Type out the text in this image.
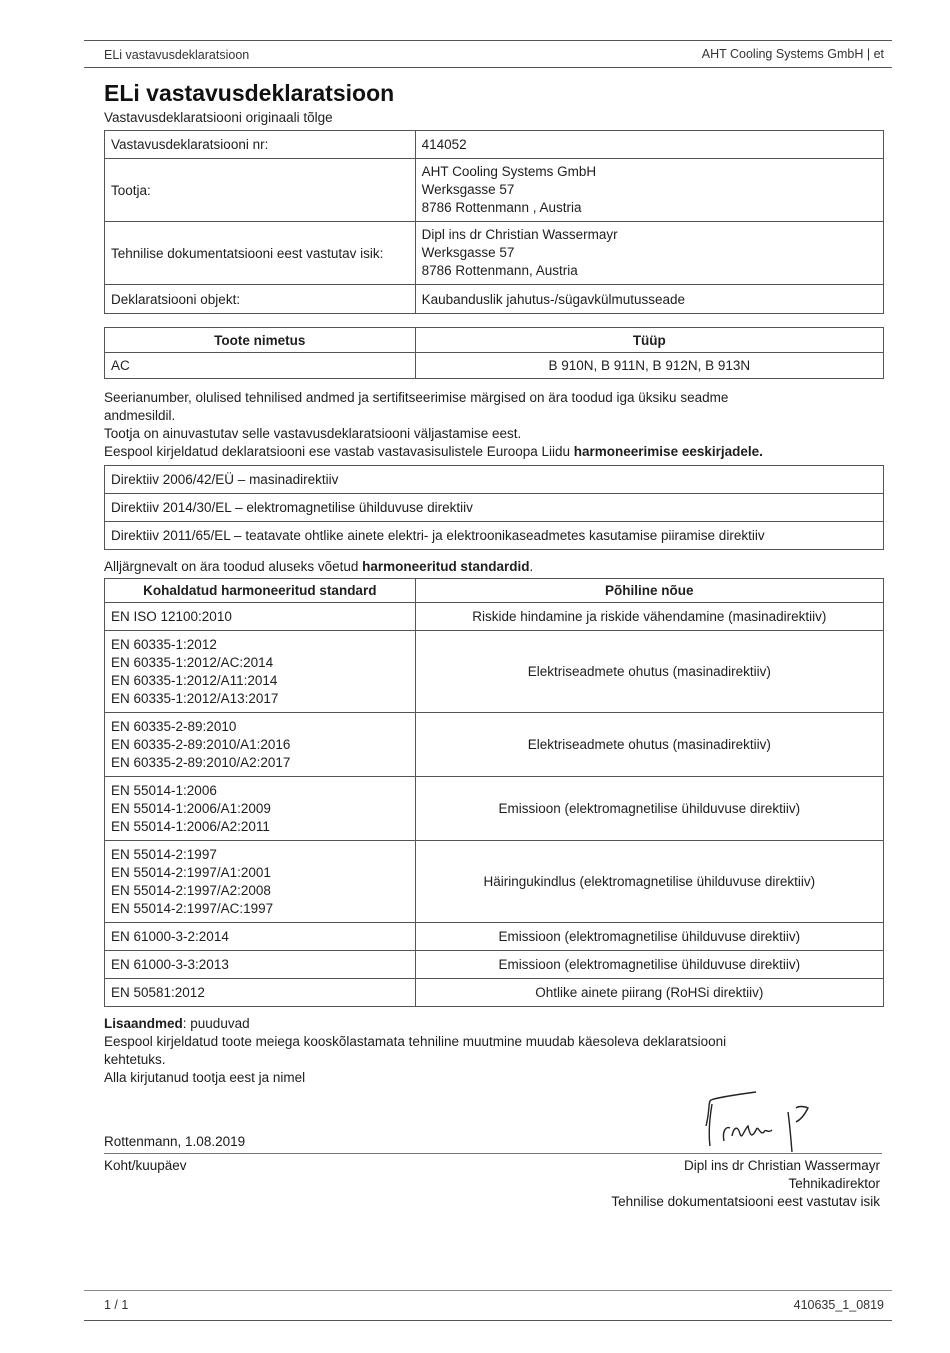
ELi vastavusdeklaratsioon	AHT Cooling Systems GmbH | et
ELi vastavusdeklaratsioon
Vastavusdeklaratsiooni originaali tõlge
Vastavusdeklaratsiooni nr:	414052
Tootja:	AHT Cooling Systems GmbH
Werksgasse 57
8786 Rottenmann , Austria

Tehnilise dokumentatsiooni eest vastutav isik:	Dipl ins dr Christian Wassermayr
Werksgasse 57
8786 Rottenmann, Austria

Deklaratsiooni objekt:	Kaubanduslik jahutus-/sügavkülmutusseade
Toote nimetus	Tüüp
AC	B 910N, B 911N, B 912N, B 913N
Seerianumber, olulised tehnilised andmed ja sertifitseerimise märgised on ära toodud iga üksiku seadme
andmesildil.
Tootja on ainuvastutav selle vastavusdeklaratsiooni väljastamise eest.
Eespool kirjeldatud deklaratsiooni ese vastab vastavasisulistele Euroopa Liidu harmoneerimise eeskirjadele.
Direktiiv 2006/42/EÜ – masinadirektiiv
Direktiiv 2014/30/EL – elektromagnetilise ühilduvuse direktiiv
Direktiiv 2011/65/EL – teatavate ohtlike ainete elektri- ja elektroonikaseadmetes kasutamise piiramise direktiiv
Alljärgnevalt on ära toodud aluseks võetud harmoneeritud standardid.
Kohaldatud harmoneeritud standard	Põhiline nõue

EN ISO 12100:2010	Riskide hindamine ja riskide vähendamine (masinadirektiiv)

EN 60335-1:2012
EN 60335-1:2012/AC:2014
EN 60335-1:2012/A11:2014
EN 60335-1:2012/A13:2017	Elektriseadmete ohutus (masinadirektiiv)

EN 60335-2-89:2010
EN 60335-2-89:2010/A1:2016
EN 60335-2-89:2010/A2:2017	Elektriseadmete ohutus (masinadirektiiv)

EN 55014-1:2006
EN 55014-1:2006/A1:2009
EN 55014-1:2006/A2:2011	Emissioon (elektromagnetilise ühilduvuse direktiiv)

EN 55014-2:1997
EN 55014-2:1997/A1:2001
EN 55014-2:1997/A2:2008
EN 55014-2:1997/AC:1997	Häiringukindlus (elektromagnetilise ühilduvuse direktiiv)

EN 61000-3-2:2014	Emissioon (elektromagnetilise ühilduvuse direktiiv)

EN 61000-3-3:2013	Emissioon (elektromagnetilise ühilduvuse direktiiv)

EN 50581:2012	Ohtlike ainete piirang (RoHSi direktiiv)
Lisaandmed: puuduvad
Eespool kirjeldatud toote meiega kooskõlastamata tehniline muutmine muudab käesoleva deklaratsiooni
kehtetuks.
Alla kirjutanud tootja eest ja nimel
Rottenmann, 1.08.2019
Koht/kuupäev	Dipl ins dr Christian Wassermayr
Tehnikadirektor
Tehnilise dokumentatsiooni eest vastutav isik
1 / 1	410635_1_0819
